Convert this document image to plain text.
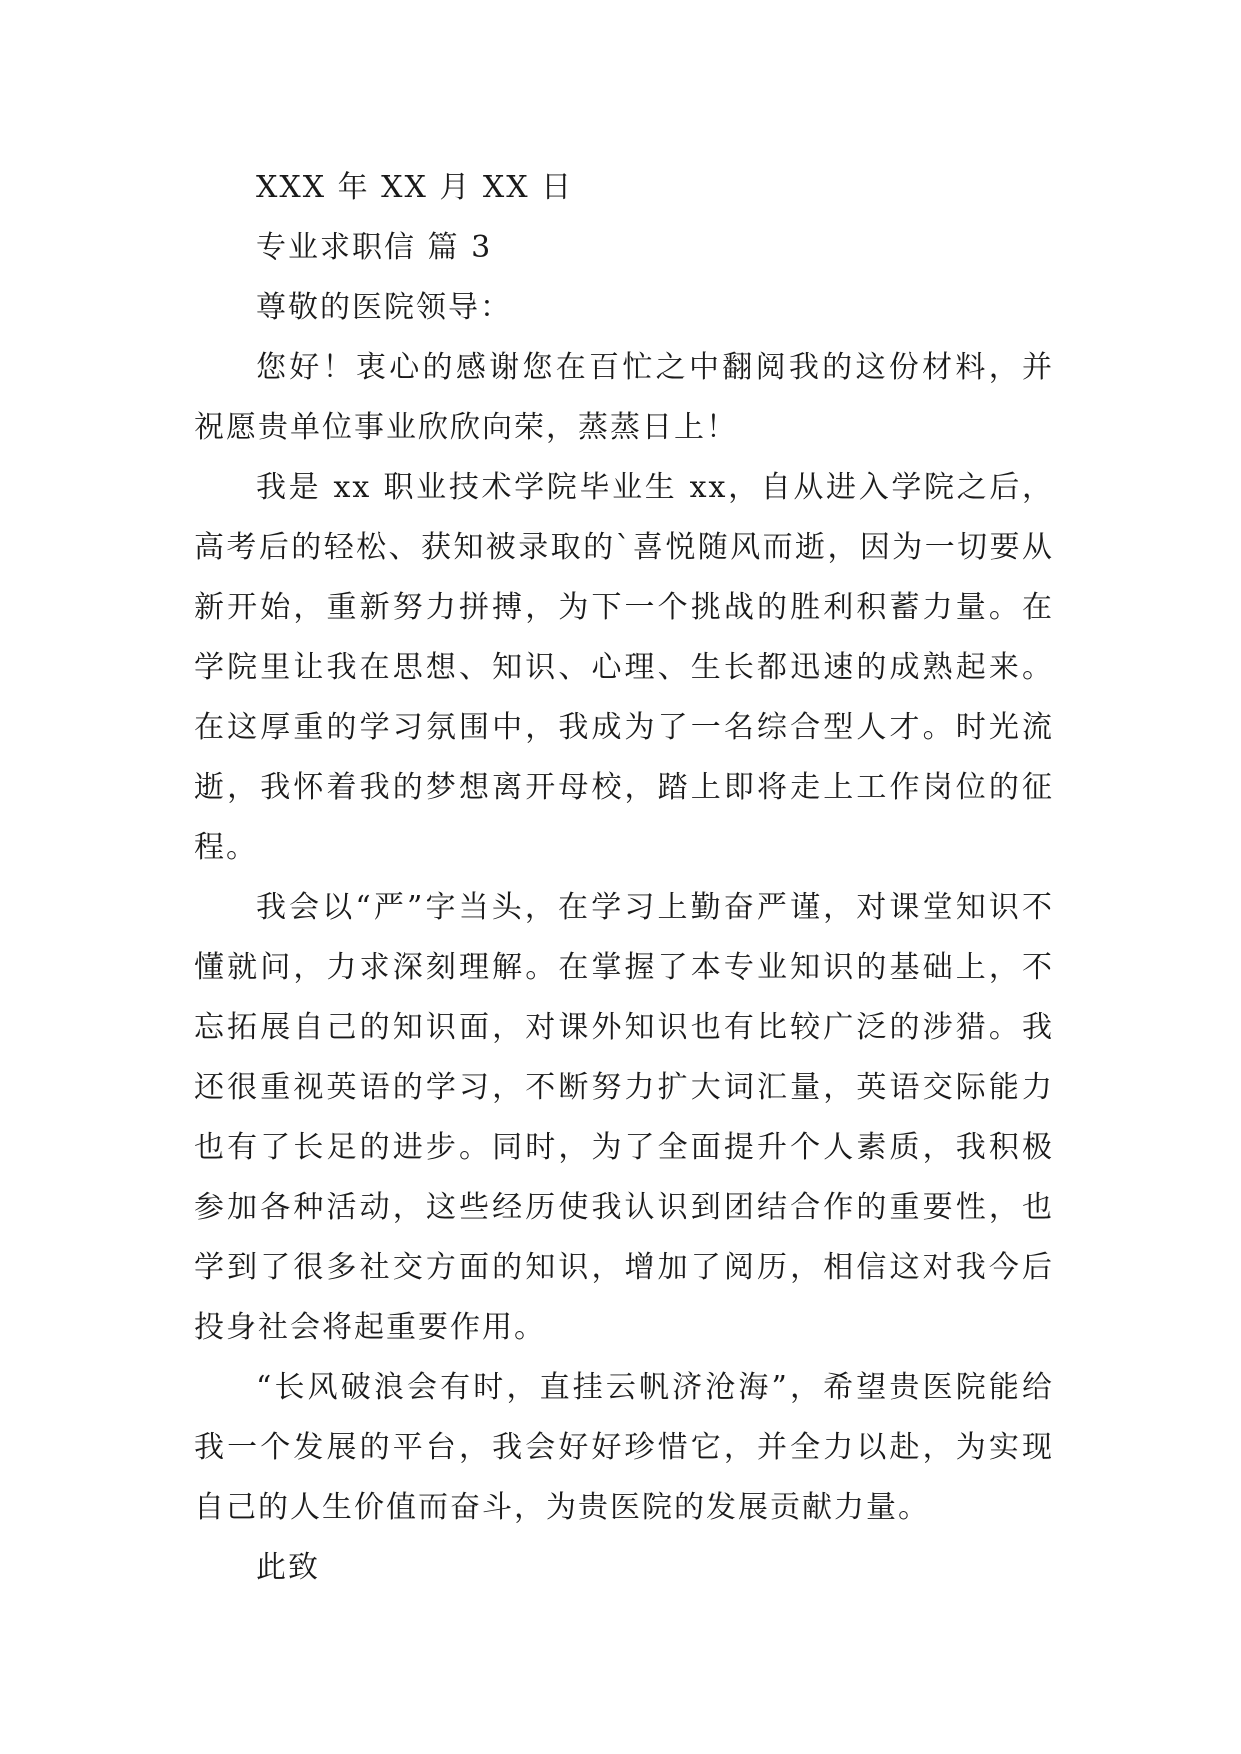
XXX 年 XX 月 XX 日

专业求职信 篇 3

尊敬的医院领导：

您好！衷心的感谢您在百忙之中翻阅我的这份材料，并祝愿贵单位事业欣欣向荣，蒸蒸日上！

我是 xx 职业技术学院毕业生 xx，自从进入学院之后，高考后的轻松、获知被录取的`喜悦随风而逝，因为一切要从新开始，重新努力拼搏，为下一个挑战的胜利积蓄力量。在学院里让我在思想、知识、心理、生长都迅速的成熟起来。在这厚重的学习氛围中，我成为了一名综合型人才。时光流逝，我怀着我的梦想离开母校，踏上即将走上工作岗位的征程。

我会以“严”字当头，在学习上勤奋严谨，对课堂知识不懂就问，力求深刻理解。在掌握了本专业知识的基础上，不忘拓展自己的知识面，对课外知识也有比较广泛的涉猎。我还很重视英语的学习，不断努力扩大词汇量，英语交际能力也有了长足的进步。同时，为了全面提升个人素质，我积极参加各种活动，这些经历使我认识到团结合作的重要性，也学到了很多社交方面的知识，增加了阅历，相信这对我今后投身社会将起重要作用。

“长风破浪会有时，直挂云帆济沧海”，希望贵医院能给我一个发展的平台，我会好好珍惜它，并全力以赴，为实现自己的人生价值而奋斗，为贵医院的发展贡献力量。

此致
